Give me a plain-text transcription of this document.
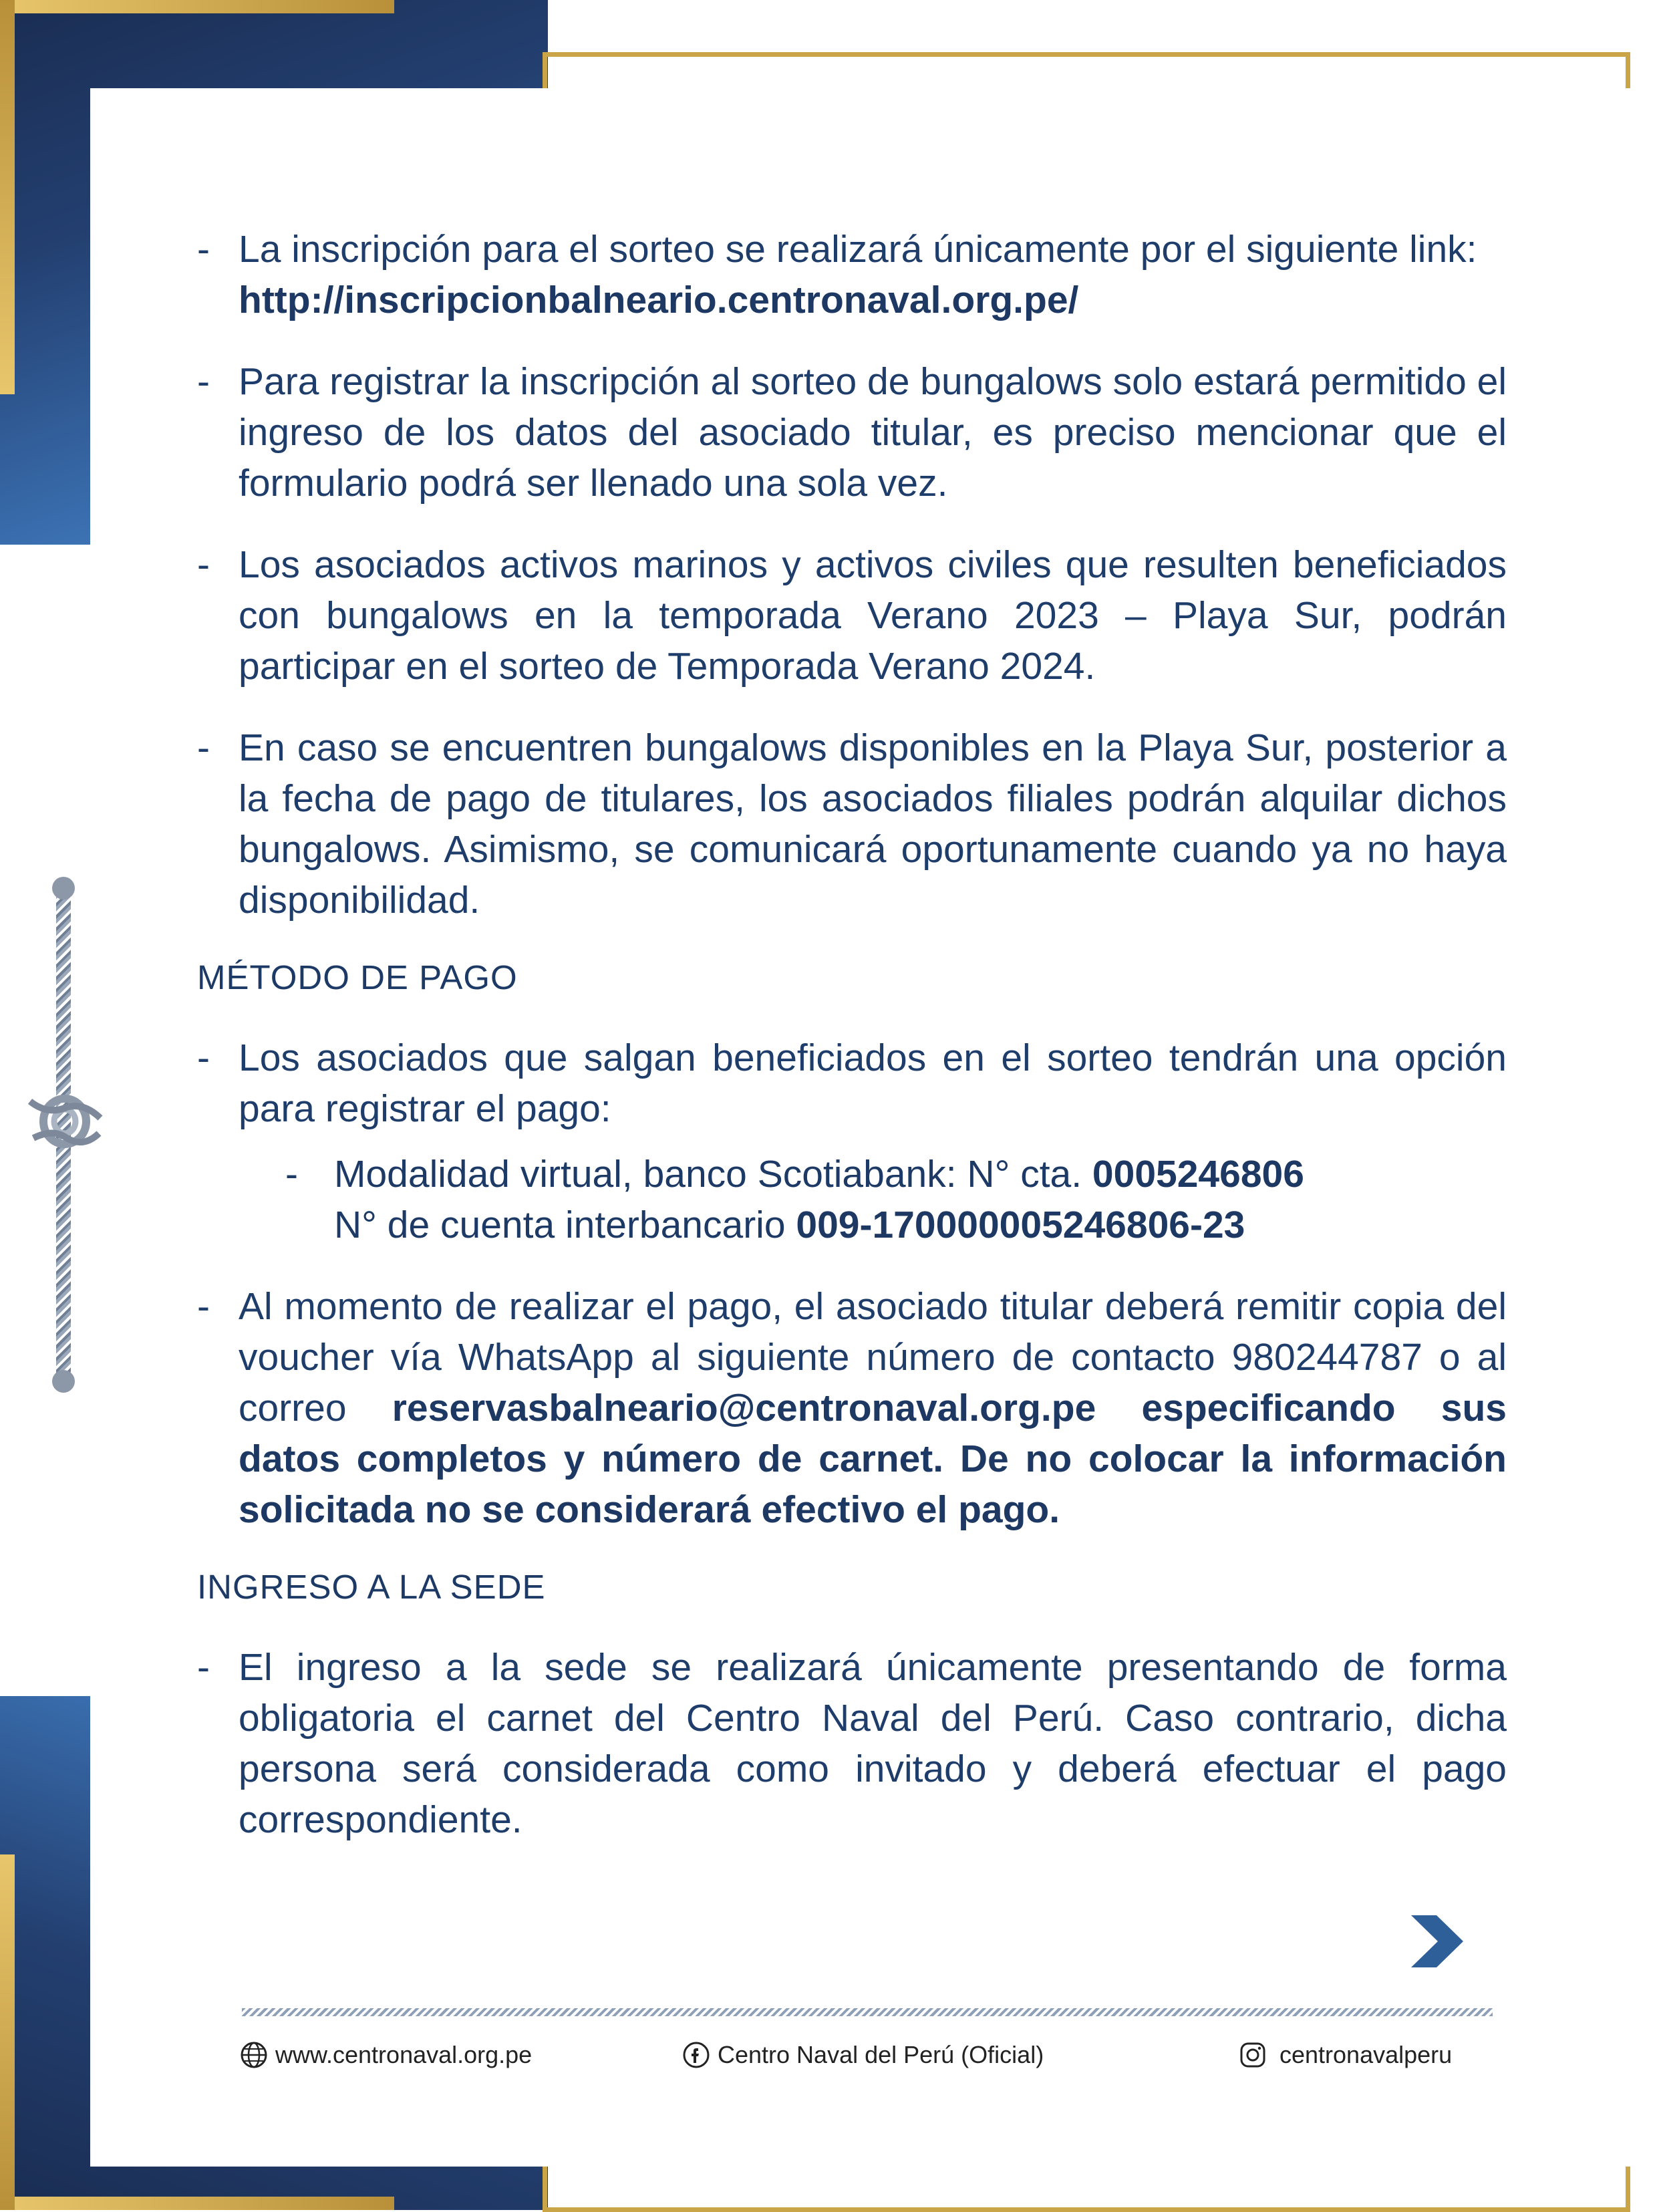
- La inscripción para el sorteo se realizará únicamente por el siguiente link:
http://inscripcionbalneario.centronaval.org.pe/
- Para registrar la inscripción al sorteo de bungalows solo estará permitido el ingreso de los datos del asociado titular, es preciso mencionar que el formulario podrá ser llenado una sola vez.
- Los asociados activos marinos y activos civiles que resulten beneficiados con bungalows en la temporada Verano 2023 – Playa Sur, podrán participar en el sorteo de Temporada Verano 2024.
- En caso se encuentren bungalows disponibles en la Playa Sur, posterior a la fecha de pago de titulares, los asociados filiales podrán alquilar dichos bungalows. Asimismo, se comunicará oportunamente cuando ya no haya disponibilidad.
MÉTODO DE PAGO
- Los asociados que salgan beneficiados en el sorteo tendrán una opción para registrar el pago:
- Modalidad virtual, banco Scotiabank: N° cta. 0005246806
N° de cuenta interbancario 009-170000005246806-23
- Al momento de realizar el pago, el asociado titular deberá remitir copia del voucher vía WhatsApp al siguiente número de contacto 980244787 o al correo reservasbalneario@centronaval.org.pe especificando sus datos completos y número de carnet. De no colocar la información solicitada no se considerará efectivo el pago.
INGRESO A LA SEDE
- El ingreso a la sede se realizará únicamente presentando de forma obligatoria el carnet del Centro Naval del Perú. Caso contrario, dicha persona será considerada como invitado y deberá efectuar el pago correspondiente.
www.centronaval.org.pe	Centro Naval del Perú (Oficial)	centronavalperu
